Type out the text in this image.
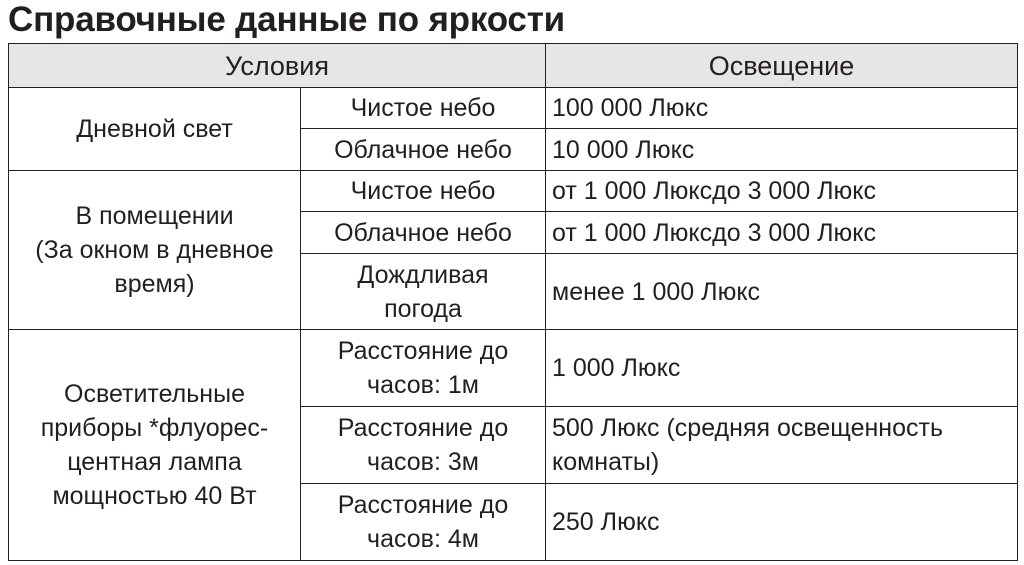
Справочные данные по яркости
Условия		Освещение
Дневной свет	Чистое небо	100 000 Люкс
	Облачное небо	10 000 Люкс
В помещении
(За окном в дневное
время)	Чистое небо	от 1 000 Люксдо 3 000 Люкс
	Облачное небо	от 1 000 Люксдо 3 000 Люкс
	Дождливая
погода	менее 1 000 Люкс
Осветительные
приборы *флуорес-
центная лампа
мощностью 40 Вт	Расстояние до
часов: 1м	1 000 Люкс
	Расстояние до
часов: 3м	500 Люкс (средняя освещенность
комнаты)
	Расстояние до
часов: 4м	250 Люкс
